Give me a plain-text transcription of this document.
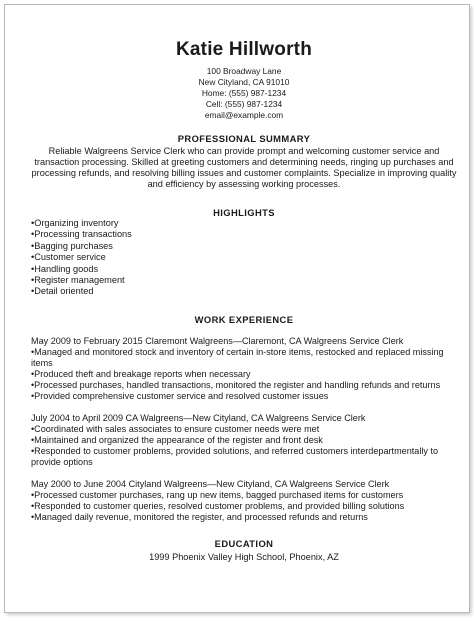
Katie Hillworth
100 Broadway Lane
New Cityland, CA 91010
Home: (555) 987-1234
Cell: (555) 987-1234
email@example.com
PROFESSIONAL SUMMARY

Reliable Walgreens Service Clerk who can provide prompt and welcoming customer service and transaction processing. Skilled at greeting customers and determining needs, ringing up purchases and processing refunds, and resolving billing issues and customer complaints. Specialize in improving quality and efficiency by assessing working processes.

HIGHLIGHTS
•Organizing inventory
•Processing transactions
•Bagging purchases
•Customer service
•Handling goods
•Register management
•Detail oriented
WORK EXPERIENCE
May 2009 to February 2015 Claremont Walgreens—Claremont, CA Walgreens Service Clerk
•Managed and monitored stock and inventory of certain in-store items, restocked and replaced missing items
•Produced theft and breakage reports when necessary
•Processed purchases, handled transactions, monitored the register and handling refunds and returns
•Provided comprehensive customer service and resolved customer issues
July 2004 to April 2009 CA Walgreens—New Cityland, CA Walgreens Service Clerk
•Coordinated with sales associates to ensure customer needs were met
•Maintained and organized the appearance of the register and front desk
•Responded to customer problems, provided solutions, and referred customers interdepartmentally to provide options
May 2000 to June 2004 Cityland Walgreens—New Cityland, CA Walgreens Service Clerk
•Processed customer purchases, rang up new items, bagged purchased items for customers
•Responded to customer queries, resolved customer problems, and provided billing solutions
•Managed daily revenue, monitored the register, and processed refunds and returns
EDUCATION
1999 Phoenix Valley High School, Phoenix, AZ
